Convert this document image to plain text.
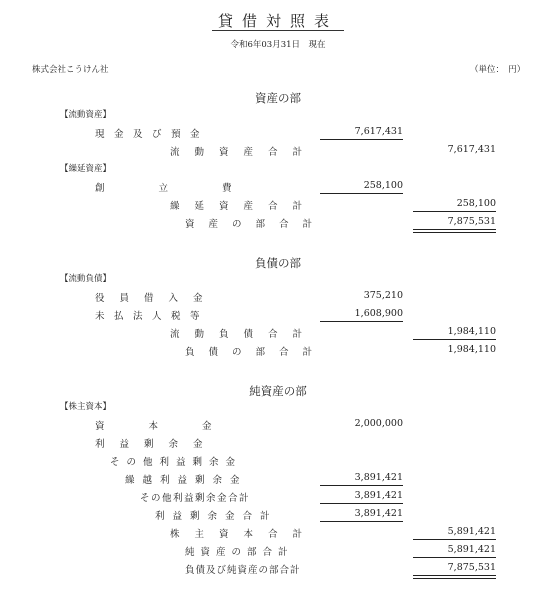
貸借対照表
令和6年03月31日　現在
株式会社こうけん社	（単位：　円）
資産の部
【流動資産】
現金及び預金	7,617,431
流動資産合計	7,617,431
【繰延資産】
創立費	258,100
繰延資産合計	258,100
資産の部合計	7,875,531
負債の部
【流動負債】
役員借入金	375,210
未払法人税等	1,608,900
流動負債合計	1,984,110
負債の部合計	1,984,110
純資産の部
【株主資本】
資本金	2,000,000
利益剰余金
その他利益剰余金
繰越利益剰余金	3,891,421
その他利益剰余金合計	3,891,421
利益剰余金合計	3,891,421
株主資本合計	5,891,421
純資産の部合計	5,891,421
負債及び純資産の部合計	7,875,531
